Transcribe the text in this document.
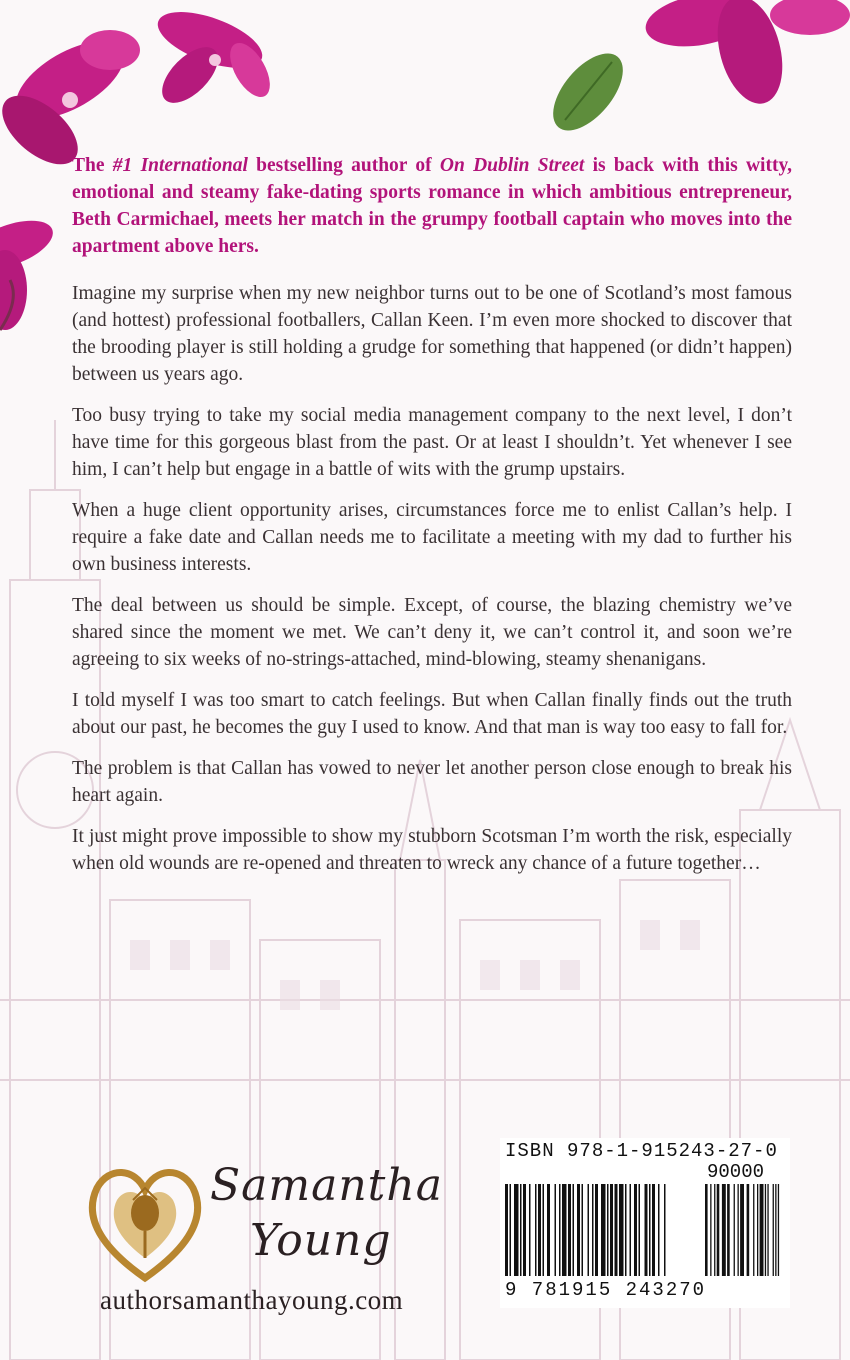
The #1 International bestselling author of On Dublin Street is back with this witty, emotional and steamy fake-dating sports romance in which ambitious entrepreneur, Beth Carmichael, meets her match in the grumpy football captain who moves into the apartment above hers.

Imagine my surprise when my new neighbor turns out to be one of Scotland’s most famous (and hottest) professional footballers, Callan Keen. I’m even more shocked to discover that the brooding player is still holding a grudge for something that happened (or didn’t happen) between us years ago.

Too busy trying to take my social media management company to the next level, I don’t have time for this gorgeous blast from the past. Or at least I shouldn’t. Yet whenever I see him, I can’t help but engage in a battle of wits with the grump upstairs.

When a huge client opportunity arises, circumstances force me to enlist Callan’s help. I require a fake date and Callan needs me to facilitate a meeting with my dad to further his own business interests.

The deal between us should be simple. Except, of course, the blazing chemistry we’ve shared since the moment we met. We can’t deny it, we can’t control it, and soon we’re agreeing to six weeks of no-strings-attached, mind-blowing, steamy shenanigans.

I told myself I was too smart to catch feelings. But when Callan finally finds out the truth about our past, he becomes the guy I used to know. And that man is way too easy to fall for.

The problem is that Callan has vowed to never let another person close enough to break his heart again.

It just might prove impossible to show my stubborn Scotsman I’m worth the risk, especially when old wounds are re-opened and threaten to wreck any chance of a future together…

Samantha
Young
authorsamanthayoung.com
ISBN 978-1-915243-27-0
90000
9 781915 243270
